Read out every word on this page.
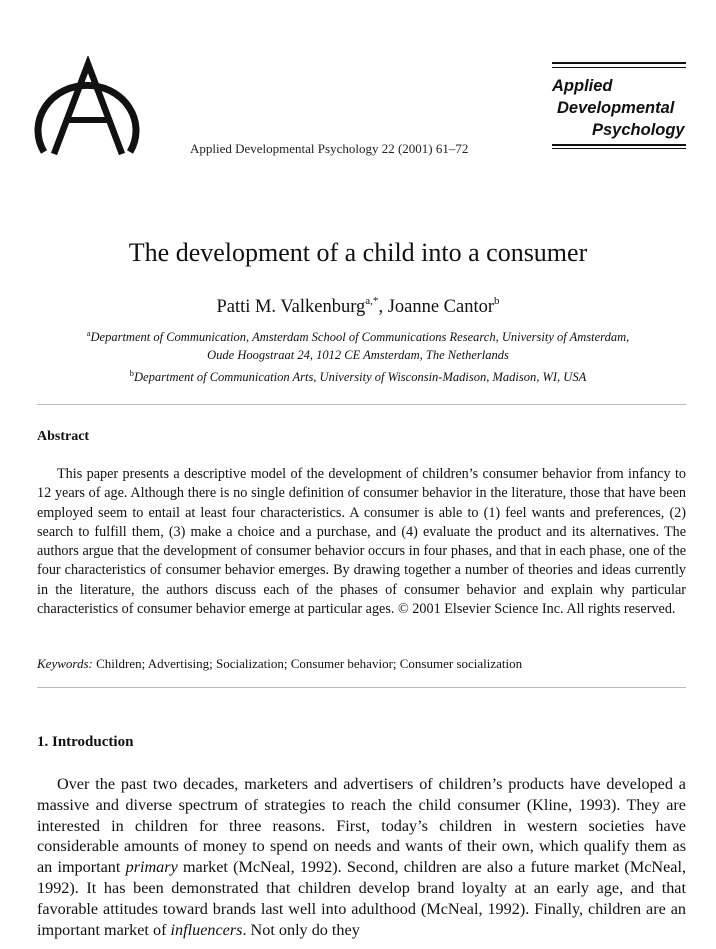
Applied Developmental Psychology 22 (2001) 61–72
Applied
Developmental
Psychology
The development of a child into a consumer
Patti M. Valkenburg$^{a,*}$, Joanne Cantor$^b$
$^a$Department of Communication, Amsterdam School of Communications Research, University of Amsterdam,
Oude Hoogstraat 24, 1012 CE Amsterdam, The Netherlands
$^b$Department of Communication Arts, University of Wisconsin-Madison, Madison, WI, USA
Abstract

This paper presents a descriptive model of the development of children’s consumer behavior from infancy to 12 years of age. Although there is no single definition of consumer behavior in the literature, those that have been employed seem to entail at least four characteristics. A consumer is able to (1) feel wants and preferences, (2) search to fulfill them, (3) make a choice and a purchase, and (4) evaluate the product and its alternatives. The authors argue that the development of consumer behavior occurs in four phases, and that in each phase, one of the four characteristics of consumer behavior emerges. By drawing together a number of theories and ideas currently in the literature, the authors discuss each of the phases of consumer behavior and explain why particular characteristics of consumer behavior emerge at particular ages. © 2001 Elsevier Science Inc. All rights reserved.

Keywords: Children; Advertising; Socialization; Consumer behavior; Consumer socialization
1. Introduction

Over the past two decades, marketers and advertisers of children’s products have developed a massive and diverse spectrum of strategies to reach the child consumer (Kline, 1993). They are interested in children for three reasons. First, today’s children in western societies have considerable amounts of money to spend on needs and wants of their own, which qualify them as an important primary market (McNeal, 1992). Second, children are also a future market (McNeal, 1992). It has been demonstrated that children develop brand loyalty at an early age, and that favorable attitudes toward brands last well into adulthood (McNeal, 1992). Finally, children are an important market of influencers. Not only do they
